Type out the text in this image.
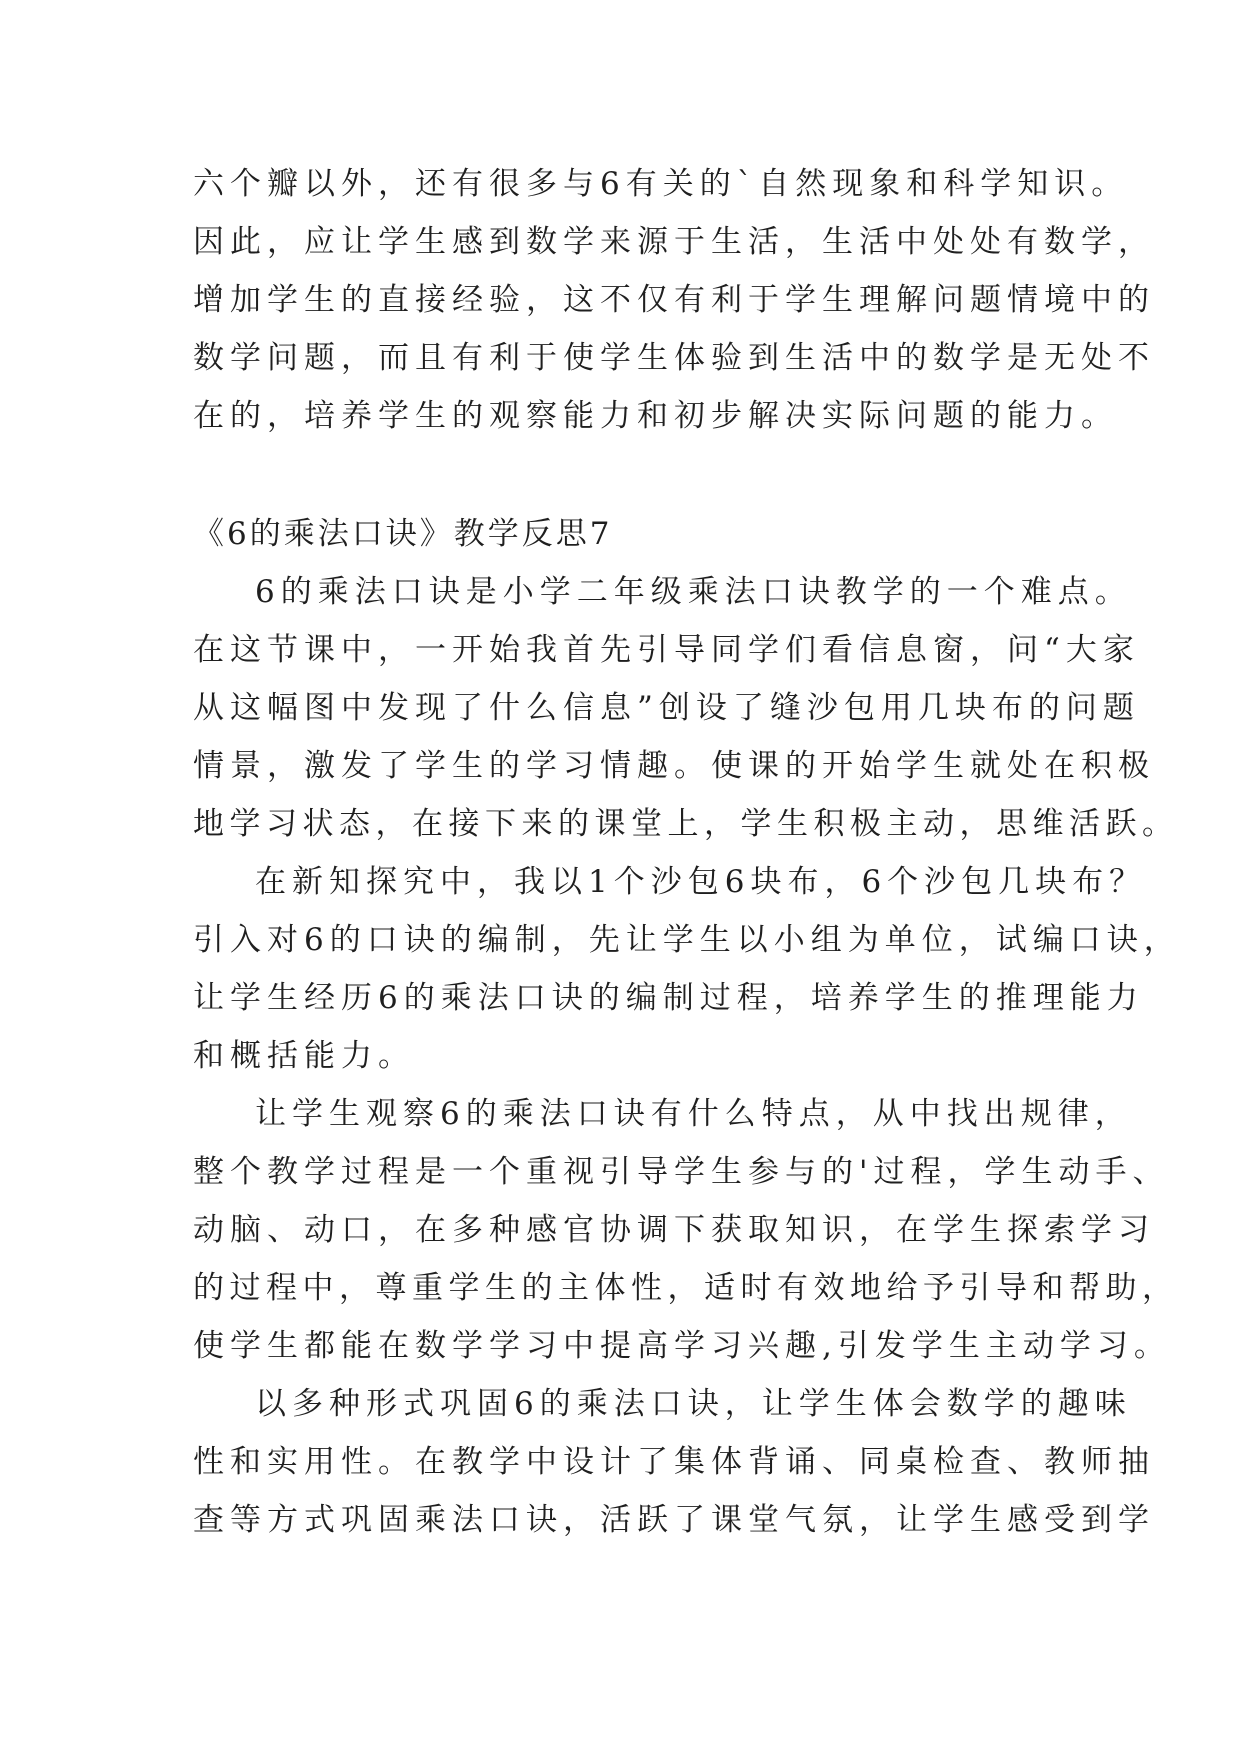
六个瓣以外，还有很多与6有关的`自然现象和科学知识。
因此，应让学生感到数学来源于生活，生活中处处有数学，
增加学生的直接经验，这不仅有利于学生理解问题情境中的
数学问题，而且有利于使学生体验到生活中的数学是无处不
在的，培养学生的观察能力和初步解决实际问题的能力。
《6的乘法口诀》教学反思7
6的乘法口诀是小学二年级乘法口诀教学的一个难点。
在这节课中，一开始我首先引导同学们看信息窗，问“大家
从这幅图中发现了什么信息”创设了缝沙包用几块布的问题
情景，激发了学生的学习情趣。使课的开始学生就处在积极
地学习状态，在接下来的课堂上，学生积极主动，思维活跃。
在新知探究中，我以1个沙包6块布，6个沙包几块布？
引入对6的口诀的编制，先让学生以小组为单位，试编口诀，
让学生经历6的乘法口诀的编制过程，培养学生的推理能力
和概括能力。
让学生观察6的乘法口诀有什么特点，从中找出规律，
整个教学过程是一个重视引导学生参与的'过程，学生动手、
动脑、动口，在多种感官协调下获取知识，在学生探索学习
的过程中，尊重学生的主体性，适时有效地给予引导和帮助，
使学生都能在数学学习中提高学习兴趣,引发学生主动学习。
以多种形式巩固6的乘法口诀，让学生体会数学的趣味
性和实用性。在教学中设计了集体背诵、同桌检查、教师抽
查等方式巩固乘法口诀，活跃了课堂气氛，让学生感受到学
